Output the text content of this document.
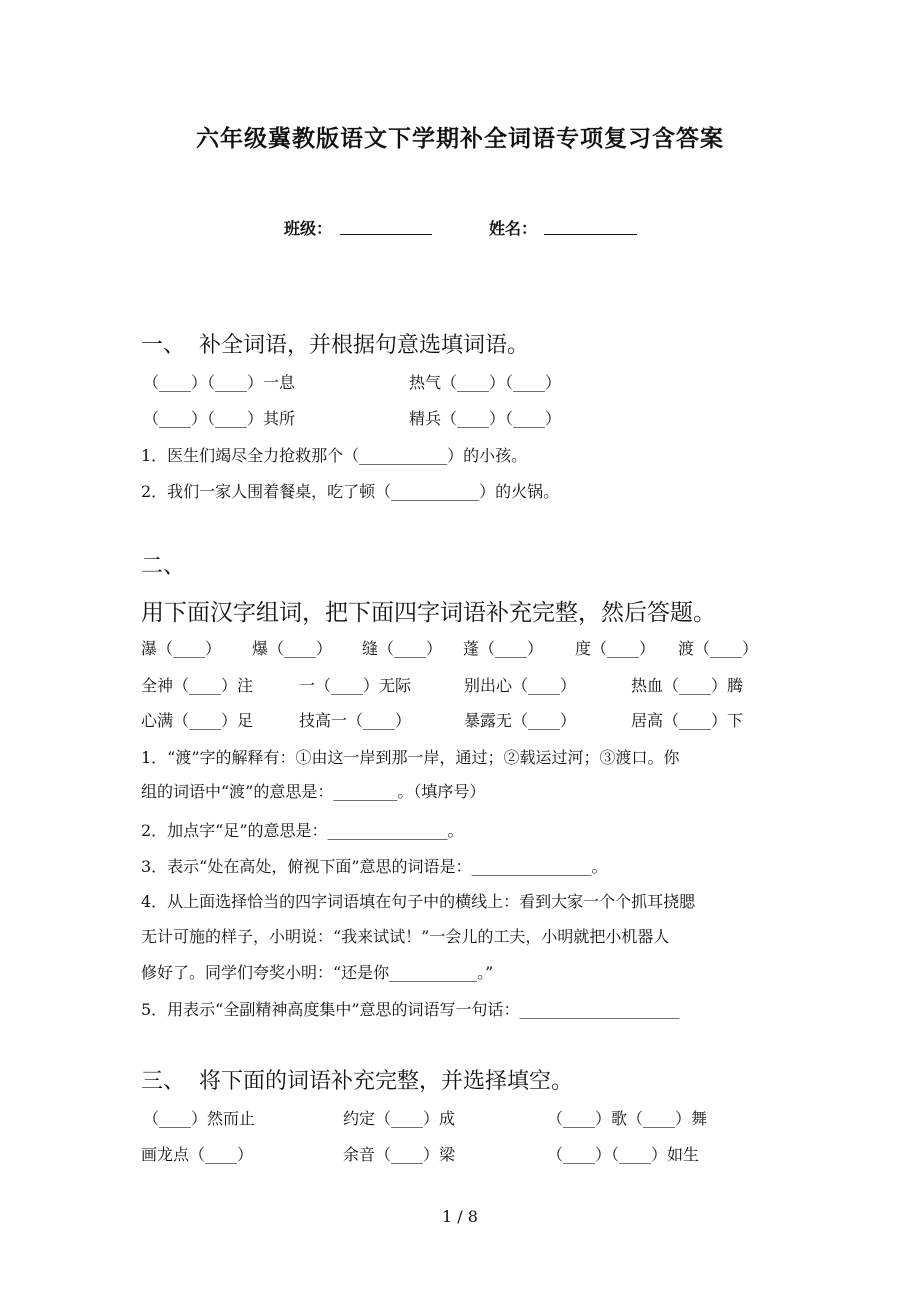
六年级冀教版语文下学期补全词语专项复习含答案
班级：	姓名：
一、  补全词语，并根据句意选填词语。
（____）（____）一息	热气（____）（____）
（____）（____）其所	精兵（____）（____）
1．医生们竭尽全力抢救那个（___________）的小孩。
2．我们一家人围着餐桌，吃了顿（___________）的火锅。
二、
用下面汉字组词，把下面四字词语补充完整，然后答题。
瀑（____） 爆（____） 缝（____） 蓬（____） 度（____） 渡（____）
全神（____）注	一（____）无际	别出心（____）	热血（____）腾
心满（____）足	技高一（____）	暴露无（____）	居高（____）下
1．“渡”字的解释有：①由这一岸到那一岸，通过；②载运过河；③渡口。你
组的词语中“渡”的意思是：________。（填序号）
2．加点字“足”的意思是：_______________。
3．表示“处在高处，俯视下面”意思的词语是：_______________。
4．从上面选择恰当的四字词语填在句子中的横线上：看到大家一个个抓耳挠腮
无计可施的样子，小明说：“我来试试！”一会儿的工夫，小明就把小机器人
修好了。同学们夸奖小明：“还是你___________。”
5．用表示“全副精神高度集中”意思的词语写一句话：____________________
三、  将下面的词语补充完整，并选择填空。
（____）然而止	约定（____）成	（____）歌（____）舞
画龙点（____）	余音（____）梁	（____）（____）如生
1 / 8
